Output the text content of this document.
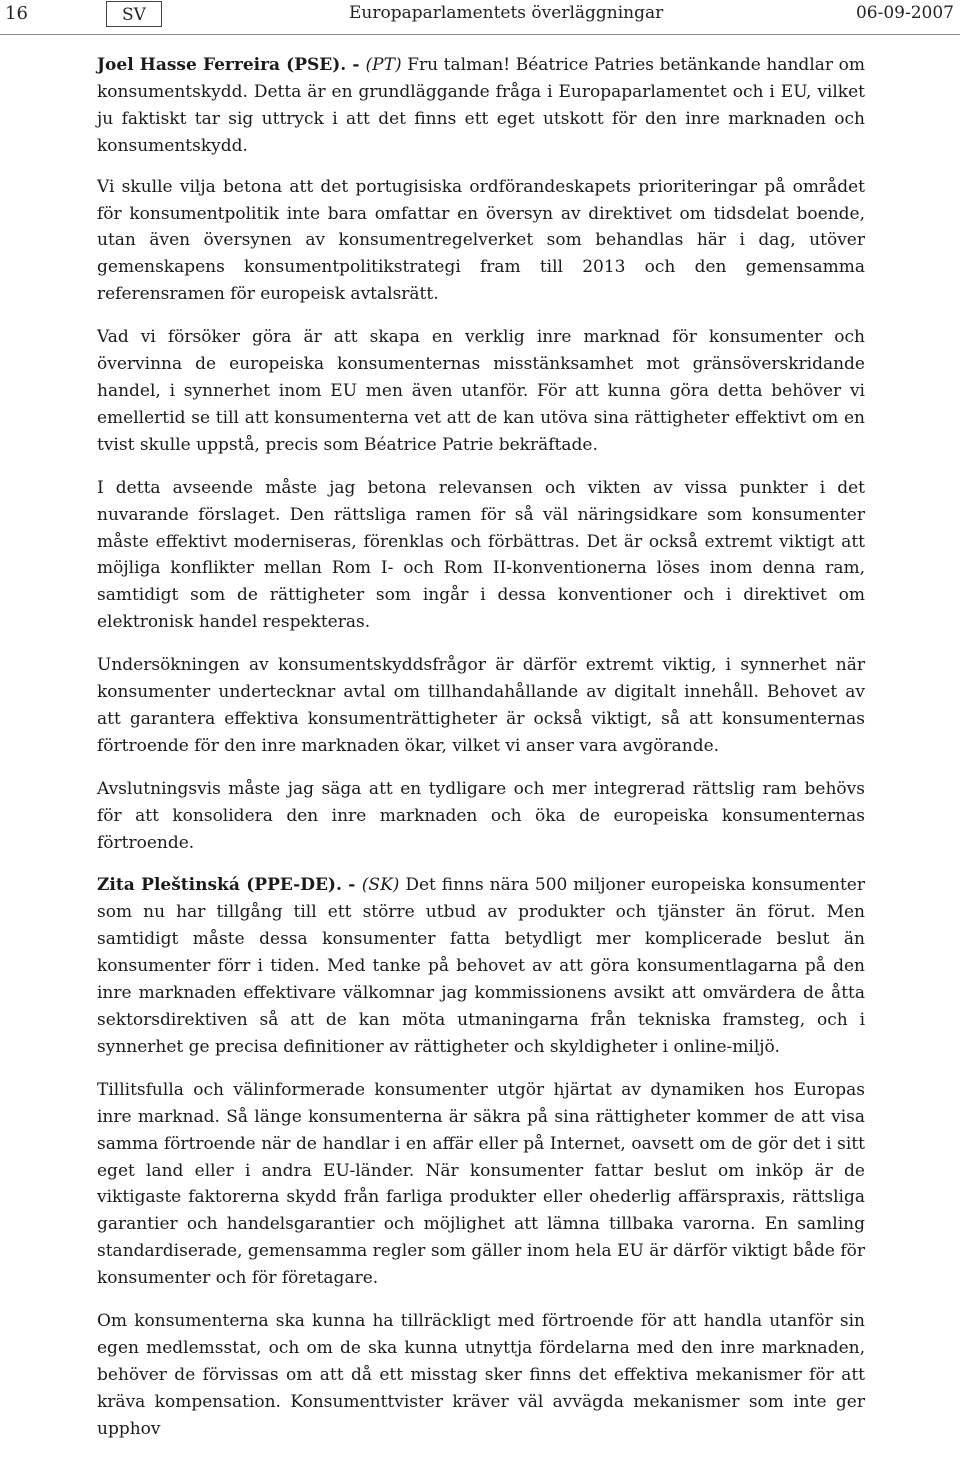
16	SV	Europaparlamentets överläggningar	06-09-2007

Joel Hasse Ferreira (PSE). - (PT) Fru talman! Béatrice Patries betänkande handlar om konsumentskydd. Detta är en grundläggande fråga i Europaparlamentet och i EU, vilket ju faktiskt tar sig uttryck i att det finns ett eget utskott för den inre marknaden och konsumentskydd.

Vi skulle vilja betona att det portugisiska ordförandeskapets prioriteringar på området för konsumentpolitik inte bara omfattar en översyn av direktivet om tidsdelat boende, utan även översynen av konsumentregelverket som behandlas här i dag, utöver gemenskapens konsumentpolitikstrategi fram till 2013 och den gemensamma referensramen för europeisk avtalsrätt.

Vad vi försöker göra är att skapa en verklig inre marknad för konsumenter och övervinna de europeiska konsumenternas misstänksamhet mot gränsöverskridande handel, i synnerhet inom EU men även utanför. För att kunna göra detta behöver vi emellertid se till att konsumenterna vet att de kan utöva sina rättigheter effektivt om en tvist skulle uppstå, precis som Béatrice Patrie bekräftade.

I detta avseende måste jag betona relevansen och vikten av vissa punkter i det nuvarande förslaget. Den rättsliga ramen för så väl näringsidkare som konsumenter måste effektivt moderniseras, förenklas och förbättras. Det är också extremt viktigt att möjliga konflikter mellan Rom I- och Rom II-konventionerna löses inom denna ram, samtidigt som de rättigheter som ingår i dessa konventioner och i direktivet om elektronisk handel respekteras.

Undersökningen av konsumentskyddsfrågor är därför extremt viktig, i synnerhet när konsumenter undertecknar avtal om tillhandahållande av digitalt innehåll. Behovet av att garantera effektiva konsumenträttigheter är också viktigt, så att konsumenternas förtroende för den inre marknaden ökar, vilket vi anser vara avgörande.

Avslutningsvis måste jag säga att en tydligare och mer integrerad rättslig ram behövs för att konsolidera den inre marknaden och öka de europeiska konsumenternas förtroende.

Zita Pleštinská (PPE-DE). - (SK) Det finns nära 500 miljoner europeiska konsumenter som nu har tillgång till ett större utbud av produkter och tjänster än förut. Men samtidigt måste dessa konsumenter fatta betydligt mer komplicerade beslut än konsumenter förr i tiden. Med tanke på behovet av att göra konsumentlagarna på den inre marknaden effektivare välkomnar jag kommissionens avsikt att omvärdera de åtta sektorsdirektiven så att de kan möta utmaningarna från tekniska framsteg, och i synnerhet ge precisa definitioner av rättigheter och skyldigheter i online-miljö.

Tillitsfulla och välinformerade konsumenter utgör hjärtat av dynamiken hos Europas inre marknad. Så länge konsumenterna är säkra på sina rättigheter kommer de att visa samma förtroende när de handlar i en affär eller på Internet, oavsett om de gör det i sitt eget land eller i andra EU-länder. När konsumenter fattar beslut om inköp är de viktigaste faktorerna skydd från farliga produkter eller ohederlig affärspraxis, rättsliga garantier och handelsgarantier och möjlighet att lämna tillbaka varorna. En samling standardiserade, gemensamma regler som gäller inom hela EU är därför viktigt både för konsumenter och för företagare.

Om konsumenterna ska kunna ha tillräckligt med förtroende för att handla utanför sin egen medlemsstat, och om de ska kunna utnyttja fördelarna med den inre marknaden, behöver de förvissas om att då ett misstag sker finns det effektiva mekanismer för att kräva kompensation. Konsumenttvister kräver väl avvägda mekanismer som inte ger upphov
